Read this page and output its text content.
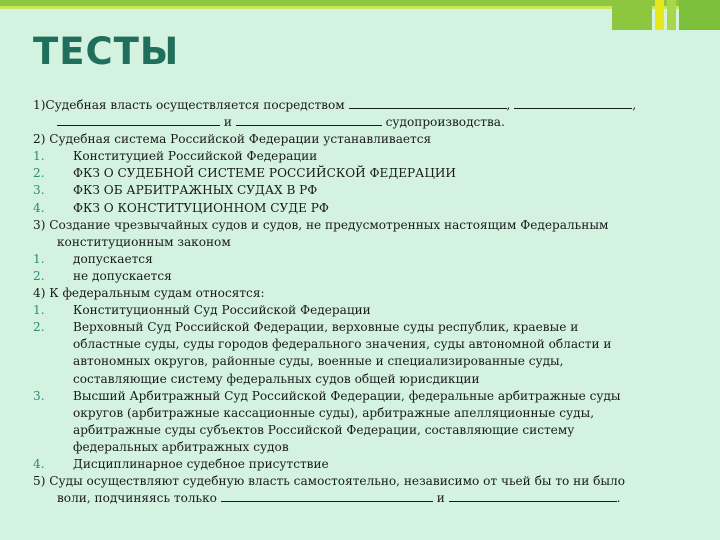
ТЕСТЫ
1)Судебная власть осуществляется посредством	,	,
и	судопроизводства.
2) Судебная система Российской Федерации устанавливается
1.	Конституцией Российской Федерации
2.	ФКЗ О СУДЕБНОЙ СИСТЕМЕ РОССИЙСКОЙ ФЕДЕРАЦИИ
3.	ФКЗ ОБ АРБИТРАЖНЫХ СУДАХ В РФ
4.	ФКЗ О КОНСТИТУЦИОННОМ СУДЕ РФ
3) Создание чрезвычайных судов и судов, не предусмотренных настоящим Федеральным
конституционным законом
1.	допускается
2.	не допускается
4) К федеральным судам относятся:
1.	Конституционный Суд Российской Федерации
2.	Верховный Суд Российской Федерации, верховные суды республик, краевые и
областные суды, суды городов федерального значения, суды автономной области и
автономных округов, районные суды, военные и специализированные суды,
составляющие систему федеральных судов общей юрисдикции
3.	Высший Арбитражный Суд Российской Федерации, федеральные арбитражные суды
округов (арбитражные кассационные суды), арбитражные апелляционные суды,
арбитражные суды субъектов Российской Федерации, составляющие систему
федеральных арбитражных судов
4.	Дисциплинарное судебное присутствие
5) Суды осуществляют судебную власть самостоятельно, независимо от чьей бы то ни было
воли, подчиняясь только	и	.
